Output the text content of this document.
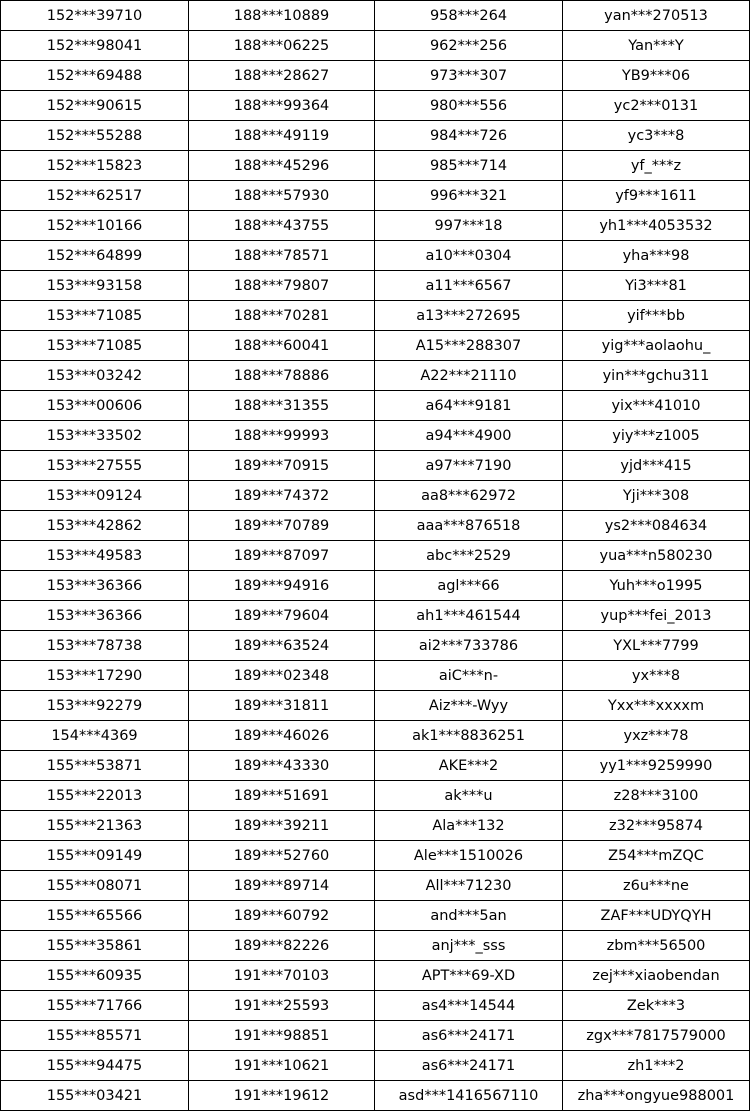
152***39710	188***10889	958***264	yan***270513
152***98041	188***06225	962***256	Yan***Y
152***69488	188***28627	973***307	YB9***06
152***90615	188***99364	980***556	yc2***0131
152***55288	188***49119	984***726	yc3***8
152***15823	188***45296	985***714	yf_***z
152***62517	188***57930	996***321	yf9***1611
152***10166	188***43755	997***18	yh1***4053532
152***64899	188***78571	a10***0304	yha***98
153***93158	188***79807	a11***6567	Yi3***81
153***71085	188***70281	a13***272695	yif***bb
153***71085	188***60041	A15***288307	yig***aolaohu_
153***03242	188***78886	A22***21110	yin***gchu311
153***00606	188***31355	a64***9181	yix***41010
153***33502	188***99993	a94***4900	yiy***z1005
153***27555	189***70915	a97***7190	yjd***415
153***09124	189***74372	aa8***62972	Yji***308
153***42862	189***70789	aaa***876518	ys2***084634
153***49583	189***87097	abc***2529	yua***n580230
153***36366	189***94916	agl***66	Yuh***o1995
153***36366	189***79604	ah1***461544	yup***fei_2013
153***78738	189***63524	ai2***733786	YXL***7799
153***17290	189***02348	aiC***n-	yx***8
153***92279	189***31811	Aiz***-Wyy	Yxx***xxxxm
154***4369	189***46026	ak1***8836251	yxz***78
155***53871	189***43330	AKE***2	yy1***9259990
155***22013	189***51691	ak***u	z28***3100
155***21363	189***39211	Ala***132	z32***95874
155***09149	189***52760	Ale***1510026	Z54***mZQC
155***08071	189***89714	All***71230	z6u***ne
155***65566	189***60792	and***5an	ZAF***UDYQYH
155***35861	189***82226	anj***_sss	zbm***56500
155***60935	191***70103	APT***69-XD	zej***xiaobendan
155***71766	191***25593	as4***14544	Zek***3
155***85571	191***98851	as6***24171	zgx***7817579000
155***94475	191***10621	as6***24171	zh1***2
155***03421	191***19612	asd***1416567110	zha***ongyue988001
